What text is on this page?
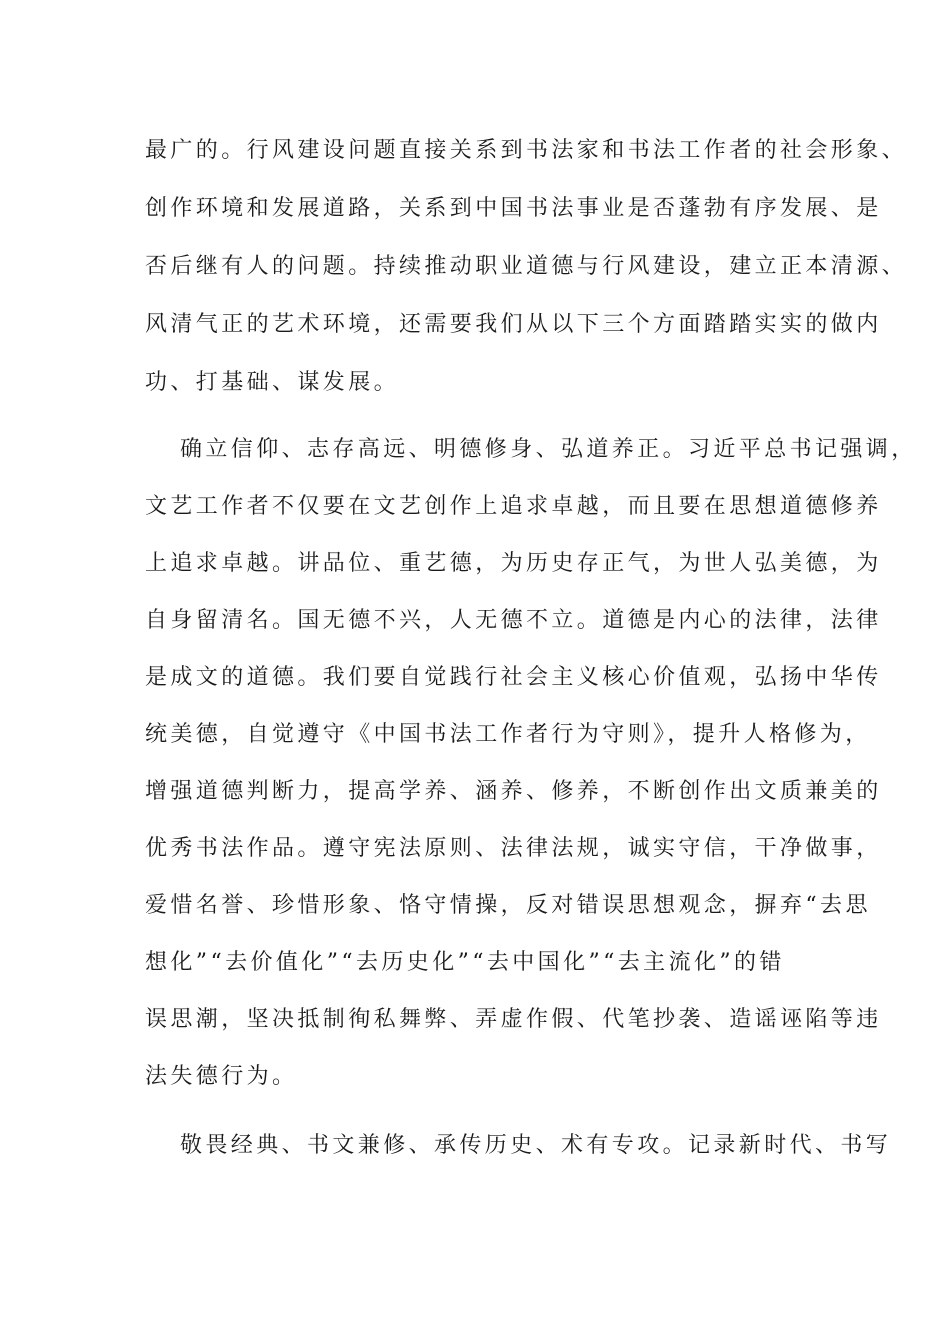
最广的。行风建设问题直接关系到书法家和书法工作者的社会形象、
创作环境和发展道路，关系到中国书法事业是否蓬勃有序发展、是
否后继有人的问题。持续推动职业道德与行风建设，建立正本清源、
风清气正的艺术环境，还需要我们从以下三个方面踏踏实实的做内
功、打基础、谋发展。
确立信仰、志存高远、明德修身、弘道养正。习近平总书记强调，
文艺工作者不仅要在文艺创作上追求卓越，而且要在思想道德修养
上追求卓越。讲品位、重艺德，为历史存正气，为世人弘美德，为
自身留清名。国无德不兴，人无德不立。道德是内心的法律，法律
是成文的道德。我们要自觉践行社会主义核心价值观，弘扬中华传
统美德，自觉遵守《中国书法工作者行为守则》，提升人格修为，
增强道德判断力，提高学养、涵养、修养，不断创作出文质兼美的
优秀书法作品。遵守宪法原则、法律法规，诚实守信，干净做事，
爱惜名誉、珍惜形象、恪守情操，反对错误思想观念，摒弃“去思
想化”“去价值化”“去历史化”“去中国化”“去主流化”的错
误思潮，坚决抵制徇私舞弊、弄虚作假、代笔抄袭、造谣诬陷等违
法失德行为。
敬畏经典、书文兼修、承传历史、术有专攻。记录新时代、书写
